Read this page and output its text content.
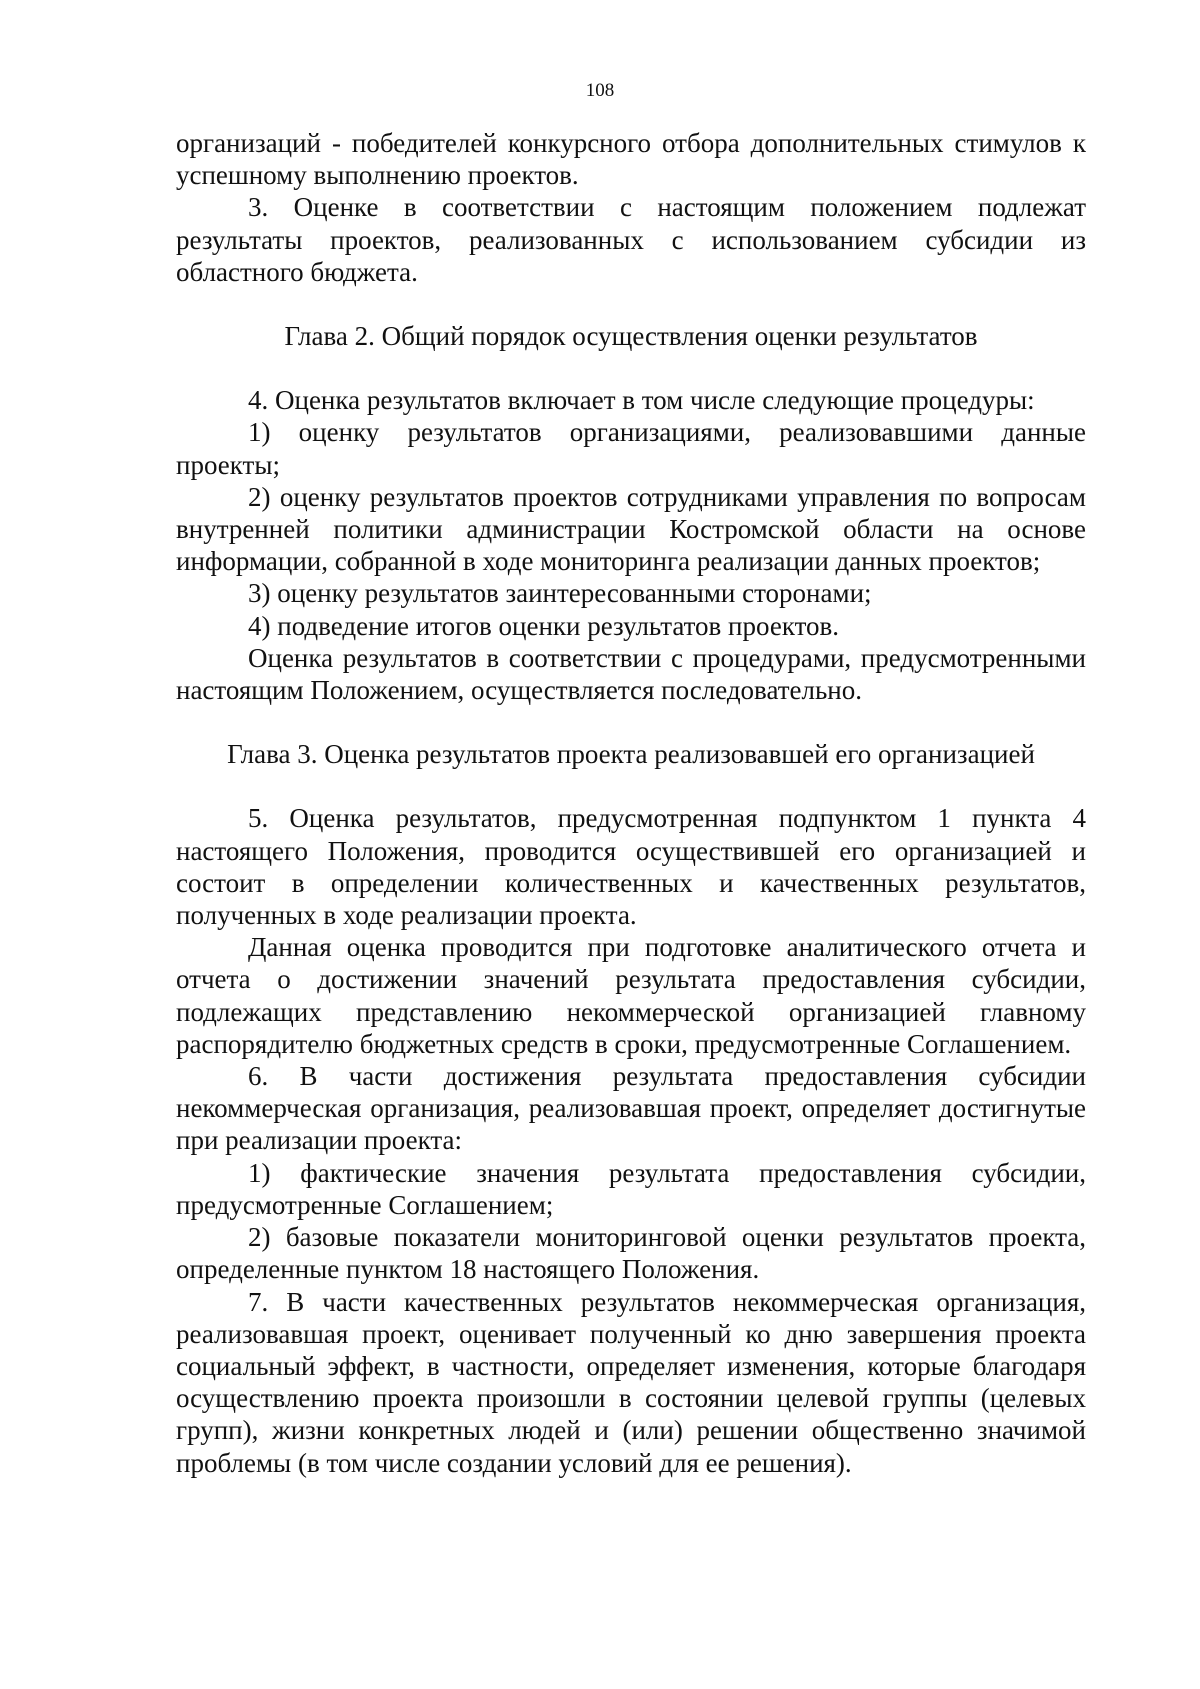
108

организаций - победителей конкурсного отбора дополнительных стимулов к успешному выполнению проектов.

3. Оценке в соответствии с настоящим положением подлежат результаты проектов, реализованных с использованием субсидии из областного бюджета.

Глава 2. Общий порядок осуществления оценки результатов

4. Оценка результатов включает в том числе следующие процедуры:

1) оценку результатов организациями, реализовавшими данные проекты;

2) оценку результатов проектов сотрудниками управления по вопросам внутренней политики администрации Костромской области на основе информации, собранной в ходе мониторинга реализации данных проектов;

3) оценку результатов заинтересованными сторонами;

4) подведение итогов оценки результатов проектов.

Оценка результатов в соответствии с процедурами, предусмотренными настоящим Положением, осуществляется последовательно.

Глава 3. Оценка результатов проекта реализовавшей его организацией

5. Оценка результатов, предусмотренная подпунктом 1 пункта 4 настоящего Положения, проводится осуществившей его организацией и состоит в определении количественных и качественных результатов, полученных в ходе реализации проекта.

Данная оценка проводится при подготовке аналитического отчета и отчета о достижении значений результата предоставления субсидии, подлежащих представлению некоммерческой организацией главному распорядителю бюджетных средств в сроки, предусмотренные Соглашением.

6. В части достижения результата предоставления субсидии некоммерческая организация, реализовавшая проект, определяет достигнутые при реализации проекта:

1) фактические значения результата предоставления субсидии, предусмотренные Соглашением;

2) базовые показатели мониторинговой оценки результатов проекта, определенные пунктом 18 настоящего Положения.

7. В части качественных результатов некоммерческая организация, реализовавшая проект, оценивает полученный ко дню завершения проекта социальный эффект, в частности, определяет изменения, которые благодаря осуществлению проекта произошли в состоянии целевой группы (целевых групп), жизни конкретных людей и (или) решении общественно значимой проблемы (в том числе создании условий для ее решения).
